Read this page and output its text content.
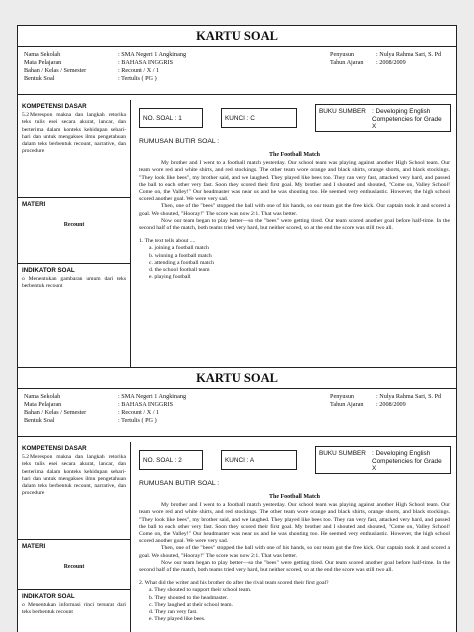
KARTU SOAL
Nama Sekolah
Mata Pelajaran
Bahan / Kelas / Semester
Bentuk Soal
: SMA Negeri 1 Angkinang
: BAHASA INGGRIS
: Recount / X / 1
: Tertulis ( PG )
Penyusun
Tahun Ajaran
: Nulya Rahma Sari, S. Pd
: 2008/2009
KOMPETENSI DASAR
5.2 Merespon makna dan langkah retorika teks tulis esei secara akurat, lancar, dan berterima dalam konteks kehidupan sehari-hari dan untuk mengakses ilmu pengetahuan dalam teks berbentuk recount, narrative, dan procedure
MATERI
Recount
INDIKATOR SOAL
o Menentukan gambaran umum dari teks berbentuk recount
NO. SOAL : 1	KUNCI : C
BUKU SUMBER : Developing English Competencies for Grade X
RUMUSAN BUTIR SOAL :
The Football Match

My brother and I went to a football match yesterday. Our school team was playing against another High School team. Our team wore red and white shirts, and red stockings. The other team wore orange and black shirts, orange shorts, and black stockings. "They look like bees", my brother said, and we laughed. They played like bees too. They ran very fast, attacked very hard, and passed the ball to each other very fast. Soon they scored their first goal. My brother and I shouted and shouted, "Come on, Valley School! Come on, the Valley!" Our headmaster was near us and he was shouting too. He seemed very enthusiastic. However, the high school scored another goal. We were very sad.

Then, one of the "bees" stopped the ball with one of his hands, so our team got the free kick. Our captain took it and scored a goal. We shouted, "Hooray!" The score was now 2:1. That was better.

Now our team began to play better—so the "bees" were getting tired. Our team scored another goal before half-time. In the second half of the match, both teams tried very hard, but neither scored, so at the end the score was still two all.

1. The text tells about ....
a. joining a football match
b. winning a football match
c. attending a football match
d. the school football team
e. playing football
KARTU SOAL
Nama Sekolah
Mata Pelajaran
Bahan / Kelas / Semester
Bentuk Soal
: SMA Negeri 1 Angkinang
: BAHASA INGGRIS
: Recount / X / 1
: Tertulis ( PG )
Penyusun
Tahun Ajaran
: Nulya Rahma Sari, S. Pd
: 2008/2009
KOMPETENSI DASAR
5.2 Merespon makna dan langkah retorika teks tulis esei secara akurat, lancar, dan berterima dalam konteks kehidupan sehari-hari dan untuk mengakses ilmu pengetahuan dalam teks berbentuk recount, narrative, dan procedure
MATERI
Recount
INDIKATOR SOAL
o Menentukan informasi rinci tersurat dari teks berbentuk recount
NO. SOAL : 2	KUNCI : A
BUKU SUMBER : Developing English Competencies for Grade X
RUMUSAN BUTIR SOAL :
The Football Match

My brother and I went to a football match yesterday. Our school team was playing against another High School team. Our team wore red and white shirts, and red stockings. The other team wore orange and black shirts, orange shorts, and black stockings. "They look like bees", my brother said, and we laughed. They played like bees too. They ran very fast, attacked very hard, and passed the ball to each other very fast. Soon they scored their first goal. My brother and I shouted and shouted, "Come on, Valley School! Come on, the Valley!" Our headmaster was near us and he was shouting too. He seemed very enthusiastic. However, the high school scored another goal. We were very sad.

Then, one of the "bees" stopped the ball with one of his hands, so our team got the free kick. Our captain took it and scored a goal. We shouted, "Hooray!" The score was now 2:1. That was better.

Now our team began to play better—so the "bees" were getting tired. Our team scored another goal before half-time. In the second half of the match, both teams tried very hard, but neither scored, so at the end the score was still two all.

2. What did the writer and his brother do after the rival team scored their first goal?
a. They shouted to support their school team.
b. They shouted to the headmaster.
c. They laughed at their school team.
d. They ran very fast.
e. They played like bees.
